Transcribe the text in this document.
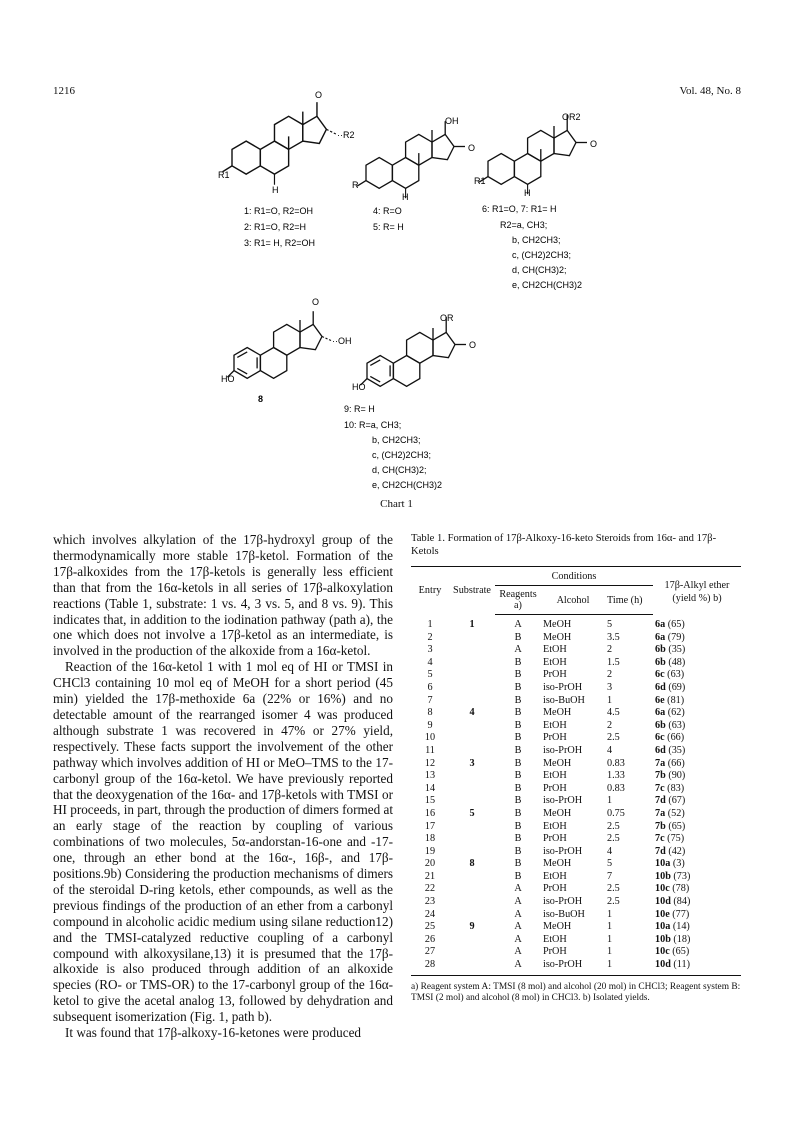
1216	Vol. 48, No. 8
O
··R2
R1
H
1: R1=O, R2=OH
2: R1=O, R2=H
3: R1= H, R2=OH
OH
O
R
H
4: R=O
5: R= H
OR2
O
R1
H
6: R1=O, 7: R1= H
R2=a, CH3;
b, CH2CH3;
c, (CH2)2CH3;
d, CH(CH3)2;
e, CH2CH(CH3)2
O
··OH
HO
8
OR
O
HO
9: R= H
10: R=a, CH3;
b, CH2CH3;
c, (CH2)2CH3;
d, CH(CH3)2;
e, CH2CH(CH3)2
Chart 1

which involves alkylation of the 17β-hydroxyl group of the thermodynamically more stable 17β-ketol. Formation of the 17β-alkoxides from the 17β-ketols is generally less efficient than that from the 16α-ketols in all series of 17β-alkoxylation reactions (Table 1, substrate: 1 vs. 4, 3 vs. 5, and 8 vs. 9). This indicates that, in addition to the iodination pathway (path a), the one which does not involve a 17β-ketol as an intermediate, is involved in the production of the alkoxide from a 16α-ketol.

Reaction of the 16α-ketol 1 with 1 mol eq of HI or TMSI in CHCl3 containing 10 mol eq of MeOH for a short period (45 min) yielded the 17β-methoxide 6a (22% or 16%) and no detectable amount of the rearranged isomer 4 was produced although substrate 1 was recovered in 47% or 27% yield, respectively. These facts support the involvement of the other pathway which involves addition of HI or MeO–TMS to the 17-carbonyl group of the 16α-ketol. We have previously reported that the deoxygenation of the 16α- and 17β-ketols with TMSI or HI proceeds, in part, through the production of dimers formed at an early stage of the reaction by coupling of various combinations of two molecules, 5α-andorstan-16-one and -17-one, through an ether bond at the 16α-, 16β-, and 17β-positions.9b) Considering the production mechanisms of dimers of the steroidal D-ring ketols, ether compounds, as well as the previous findings of the production of an ether from a carbonyl compound in alcoholic acidic medium using silane reduction12) and the TMSI-catalyzed reductive coupling of a carbonyl compound with alkoxysilane,13) it is presumed that the 17β-alkoxide is also produced through addition of an alkoxide species (RO- or TMS-OR) to the 17-carbonyl group of the 16α-ketol to give the acetal analog 13, followed by dehydration and subsequent isomerization (Fig. 1, path b).

It was found that 17β-alkoxy-16-ketones were produced

Table 1. Formation of 17β-Alkoxy-16-keto Steroids from 16α- and 17β-Ketols
Entry	Substrate	Conditions			17β-Alkyl ether
(yield %) b)

		Reagents a)	Alcohol	Time (h)	
1	1	A	MeOH	5	6a (65)
2		B	MeOH	3.5	6a (79)
3		A	EtOH	2	6b (35)
4		B	EtOH	1.5	6b (48)
5		B	PrOH	2	6c (63)
6		B	iso-PrOH	3	6d (69)
7		B	iso-BuOH	1	6e (81)
8	4	B	MeOH	4.5	6a (62)
9		B	EtOH	2	6b (63)
10		B	PrOH	2.5	6c (66)
11		B	iso-PrOH	4	6d (35)
12	3	B	MeOH	0.83	7a (66)
13		B	EtOH	1.33	7b (90)
14		B	PrOH	0.83	7c (83)
15		B	iso-PrOH	1	7d (67)
16	5	B	MeOH	0.75	7a (52)
17		B	EtOH	2.5	7b (65)
18		B	PrOH	2.5	7c (75)
19		B	iso-PrOH	4	7d (42)
20	8	B	MeOH	5	10a (3)
21		B	EtOH	7	10b (73)
22		A	PrOH	2.5	10c (78)
23		A	iso-PrOH	2.5	10d (84)
24		A	iso-BuOH	1	10e (77)
25	9	A	MeOH	1	10a (14)
26		A	EtOH	1	10b (18)
27		A	PrOH	1	10c (65)
28		A	iso-PrOH	1	10d (11)
a) Reagent system A: TMSI (8 mol) and alcohol (20 mol) in CHCl3; Reagent system B: TMSI (2 mol) and alcohol (8 mol) in CHCl3. b) Isolated yields.
